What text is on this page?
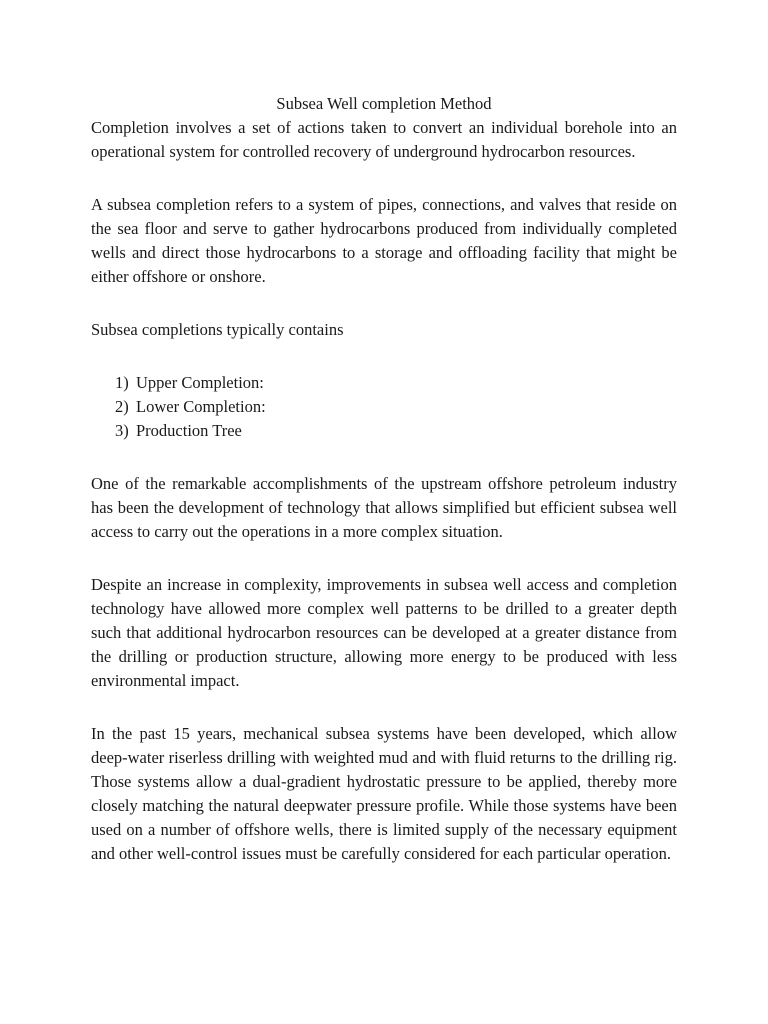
Subsea Well completion Method

Completion involves a set of actions taken to convert an individual borehole into an operational system for controlled recovery of underground hydrocarbon resources.

A subsea completion refers to a system of pipes, connections, and valves that reside on the sea floor and serve to gather hydrocarbons produced from individually completed wells and direct those hydrocarbons to a storage and offloading facility that might be either offshore or onshore.

Subsea completions typically contains

1) Upper Completion:
2) Lower Completion:
3) Production Tree

One of the remarkable accomplishments of the upstream offshore petroleum industry has been the development of technology that allows simplified but efficient subsea well access to carry out the operations in a more complex situation.

Despite an increase in complexity, improvements in subsea well access and completion technology have allowed more complex well patterns to be drilled to a greater depth such that additional hydrocarbon resources can be developed at a greater distance from the drilling or production structure, allowing more energy to be produced with less environmental impact.

In the past 15 years, mechanical subsea systems have been developed, which allow deep-water riserless drilling with weighted mud and with fluid returns to the drilling rig. Those systems allow a dual-gradient hydrostatic pressure to be applied, thereby more closely matching the natural deepwater pressure profile. While those systems have been used on a number of offshore wells, there is limited supply of the necessary equipment and other well-control issues must be carefully considered for each particular operation.
